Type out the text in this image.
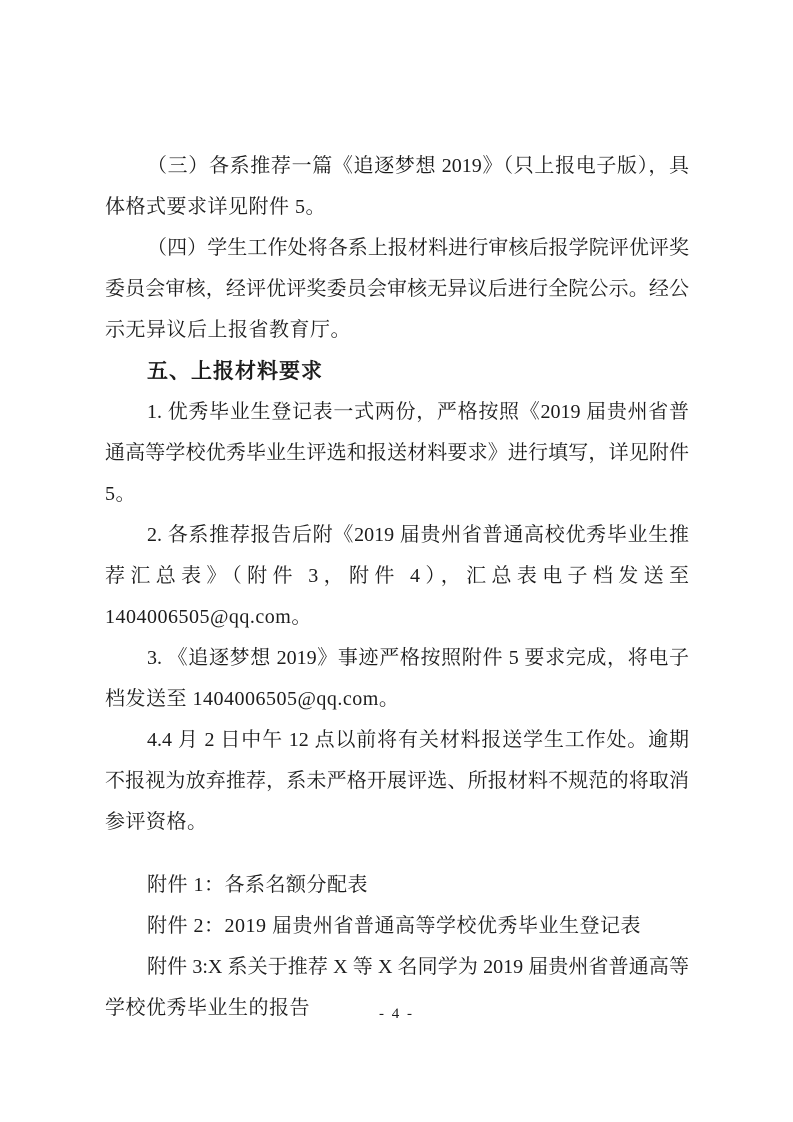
（三）各系推荐一篇《追逐梦想 2019》（只上报电子版），具
体格式要求详见附件 5。
（四）学生工作处将各系上报材料进行审核后报学院评优评奖
委员会审核，经评优评奖委员会审核无异议后进行全院公示。经公
示无异议后上报省教育厅。
五、上报材料要求
1. 优秀毕业生登记表一式两份，严格按照《2019 届贵州省普
通高等学校优秀毕业生评选和报送材料要求》进行填写，详见附件
5。
2. 各系推荐报告后附《2019 届贵州省普通高校优秀毕业生推
荐汇总表》（附件 3，附件 4），汇总表电子档发送至
1404006505@qq.com。
3. 《追逐梦想 2019》事迹严格按照附件 5 要求完成，将电子
档发送至 1404006505@qq.com。
4.4 月 2 日中午 12 点以前将有关材料报送学生工作处。逾期
不报视为放弃推荐，系未严格开展评选、所报材料不规范的将取消
参评资格。
附件 1：各系名额分配表
附件 2：2019 届贵州省普通高等学校优秀毕业生登记表
附件 3:X 系关于推荐 X 等 X 名同学为 2019 届贵州省普通高等
学校优秀毕业生的报告	- 4 -
